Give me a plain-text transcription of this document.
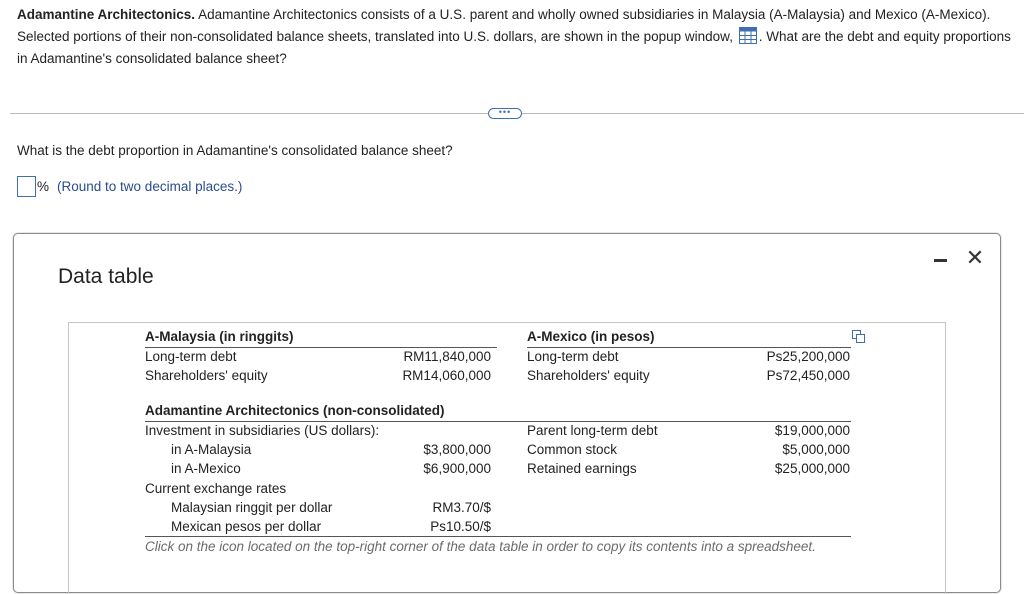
Adamantine Architectonics. Adamantine Architectonics consists of a U.S. parent and wholly owned subsidiaries in Malaysia (A-Malaysia) and Mexico (A-Mexico). Selected portions of their non-consolidated balance sheets, translated into U.S. dollars, are shown in the popup window, . What are the debt and equity proportions in Adamantine's consolidated balance sheet?
•••
What is the debt proportion in Adamantine's consolidated balance sheet?
% (Round to two decimal places.)
Data table
✕
A-Malaysia (in ringgits)
Long-term debt	RM11,840,000
Shareholders' equity	RM14,060,000
A-Mexico (in pesos)
Long-term debt	Ps25,200,000
Shareholders' equity	Ps72,450,000
Adamantine Architectonics (non-consolidated)
Investment in subsidiaries (US dollars):
in A-Malaysia	$3,800,000
in A-Mexico	$6,900,000
Parent long-term debt	$19,000,000
Common stock	$5,000,000
Retained earnings	$25,000,000
Current exchange rates
Malaysian ringgit per dollar	RM3.70/$
Mexican pesos per dollar	Ps10.50/$
Click on the icon located on the top-right corner of the data table in order to copy its contents into a spreadsheet.
